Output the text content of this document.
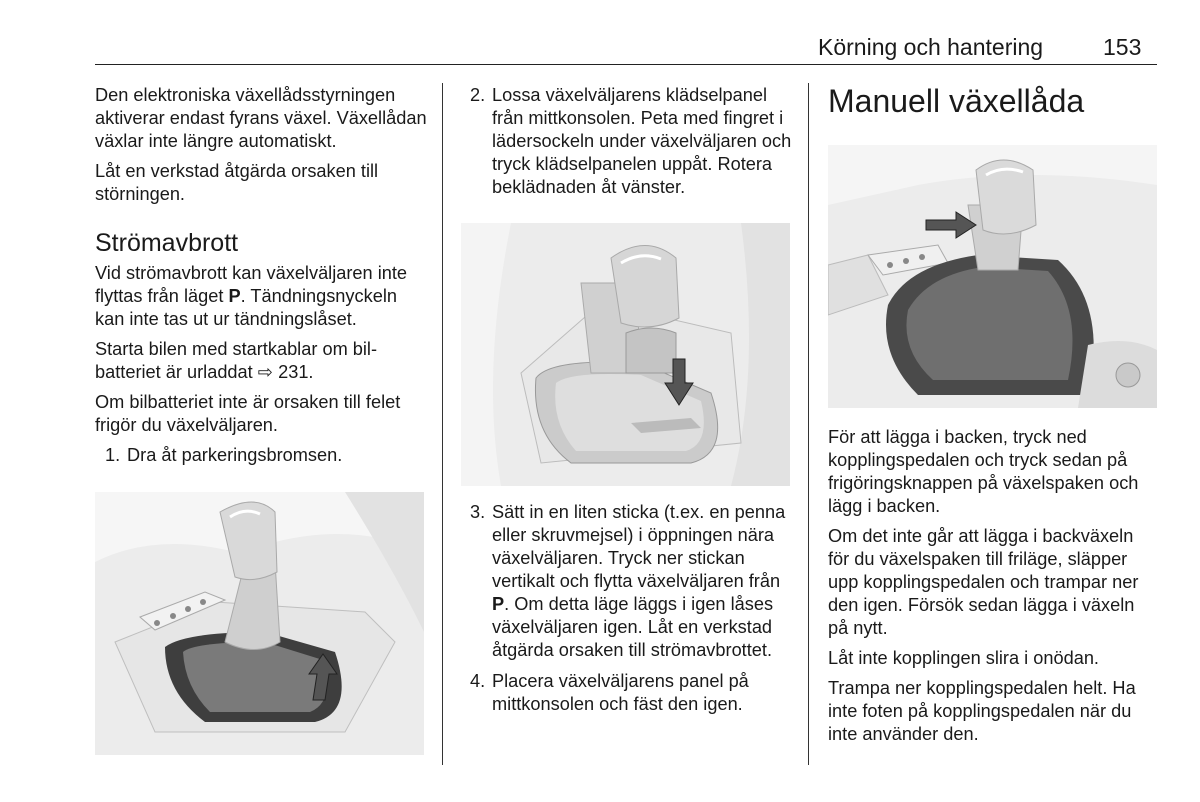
Körning och hantering	153

Den elektroniska växellådsstyrningen aktiverar endast fyrans växel. Växellådan växlar inte längre automatiskt.

Låt en verkstad åtgärda orsaken till störningen.

Strömavbrott

Vid strömavbrott kan växelväljaren inte flyttas från läget P. Tändningsnyckeln kan inte tas ut ur tändningslåset.

Starta bilen med startkablar om bilbatteriet är urladdat ⇨ 231.

Om bilbatteriet inte är orsaken till felet frigör du växelväljaren.

1. Dra åt parkeringsbromsen.
2. Lossa växelväljarens klädselpanel från mittkonsolen. Peta med fingret i lädersockeln under växelväljaren och tryck klädselpanelen uppåt. Rotera beklädnaden åt vänster.
3. Sätt in en liten sticka (t.ex. en penna eller skruvmejsel) i öppningen nära växelväljaren. Tryck ner stickan vertikalt och flytta växelväljaren från P. Om detta läge läggs i igen låses växelväljaren igen. Låt en verkstad åtgärda orsaken till strömavbrottet.
4. Placera växelväljarens panel på mittkonsolen och fäst den igen.
Manuell växellåda

För att lägga i backen, tryck ned kopplingspedalen och tryck sedan på frigöringsknappen på växelspaken och lägg i backen.

Om det inte går att lägga i backväxeln för du växelspaken till friläge, släpper upp kopplingspedalen och trampar ner den igen. Försök sedan lägga i växeln på nytt.

Låt inte kopplingen slira i onödan.

Trampa ner kopplingspedalen helt. Ha inte foten på kopplingspedalen när du inte använder den.
